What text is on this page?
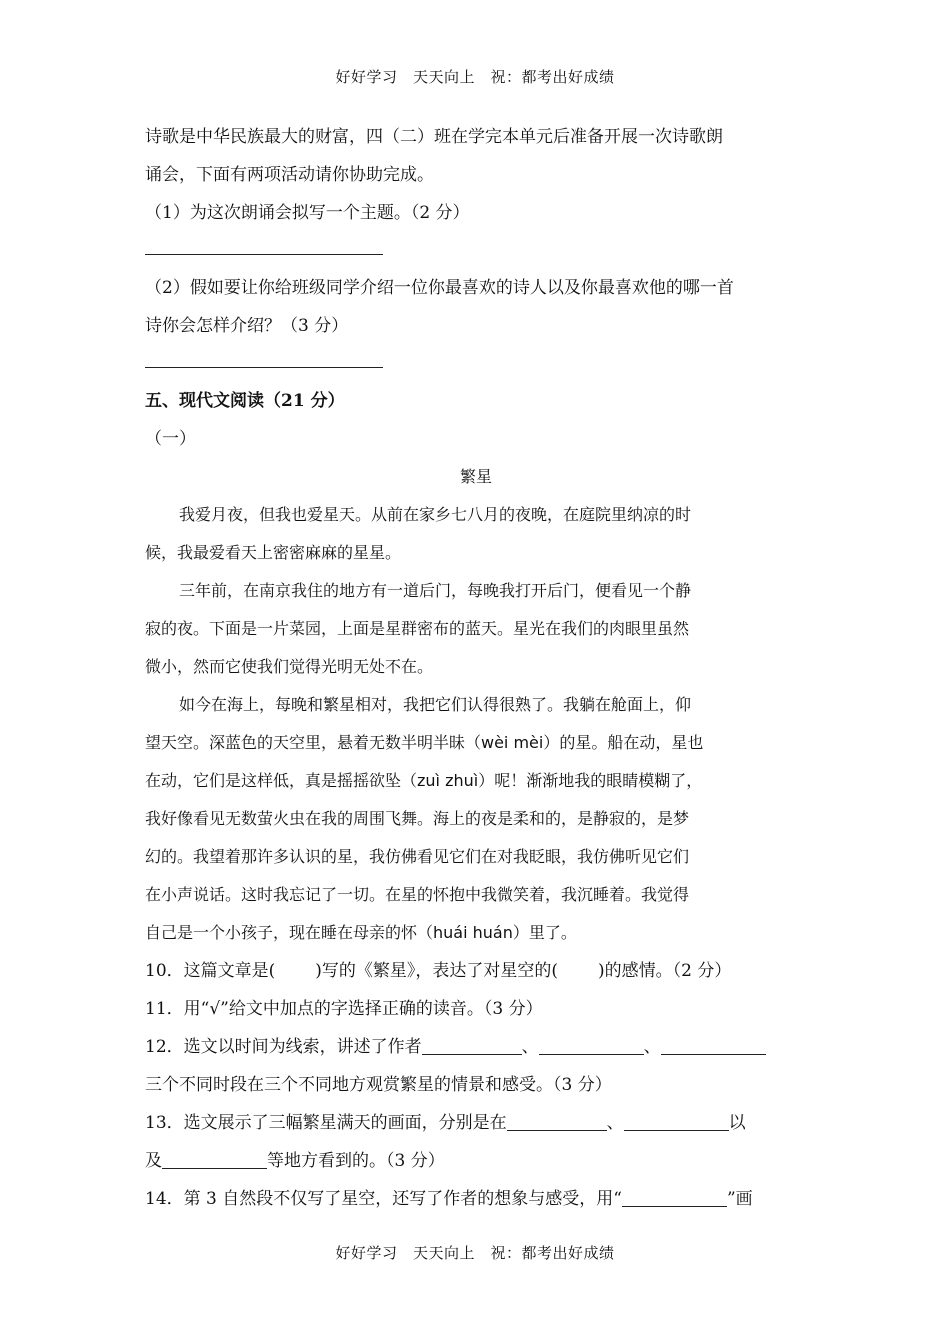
好好学习　天天向上　祝：都考出好成绩

诗歌是中华民族最大的财富，四（二）班在学完本单元后准备开展一次诗歌朗

诵会，下面有两项活动请你协助完成。

（1）为这次朗诵会拟写一个主题。（2 分）

（2）假如要让你给班级同学介绍一位你最喜欢的诗人以及你最喜欢他的哪一首

诗你会怎样介绍？（3 分）

五、现代文阅读（21 分）

（一）

繁星

我爱月夜，但我也爱星天。从前在家乡七八月的夜晚，在庭院里纳凉的时

候，我最爱看天上密密麻麻的星星。

三年前，在南京我住的地方有一道后门，每晚我打开后门，便看见一个静

寂的夜。下面是一片菜园，上面是星群密布的蓝天。星光在我们的肉眼里虽然

微小，然而它使我们觉得光明无处不在。

如今在海上，每晚和繁星相对，我把它们认得很熟了。我躺在舱面上，仰

望天空。深蓝色的天空里，悬着无数半明半昧（wèi mèi）的星。船在动，星也

在动，它们是这样低，真是摇摇欲坠（zuì zhuì）呢！渐渐地我的眼睛模糊了，

我好像看见无数萤火虫在我的周围飞舞。海上的夜是柔和的，是静寂的，是梦

幻的。我望着那许多认识的星，我仿佛看见它们在对我眨眼，我仿佛听见它们

在小声说话。这时我忘记了一切。在星的怀抱中我微笑着，我沉睡着。我觉得

自己是一个小孩子，现在睡在母亲的怀（huái huán）里了。

10．这篇文章是( )写的《繁星》，表达了对星空的( )的感情。（2 分）

11．用“√”给文中加点的字选择正确的读音。（3 分）

12．选文以时间为线索，讲述了作者	、	、

三个不同时段在三个不同地方观赏繁星的情景和感受。（3 分）

13．选文展示了三幅繁星满天的画面，分别是在	、	以

及	等地方看到的。（3 分）

14．第 3 自然段不仅写了星空，还写了作者的想象与感受，用“	”画

好好学习　天天向上　祝：都考出好成绩
